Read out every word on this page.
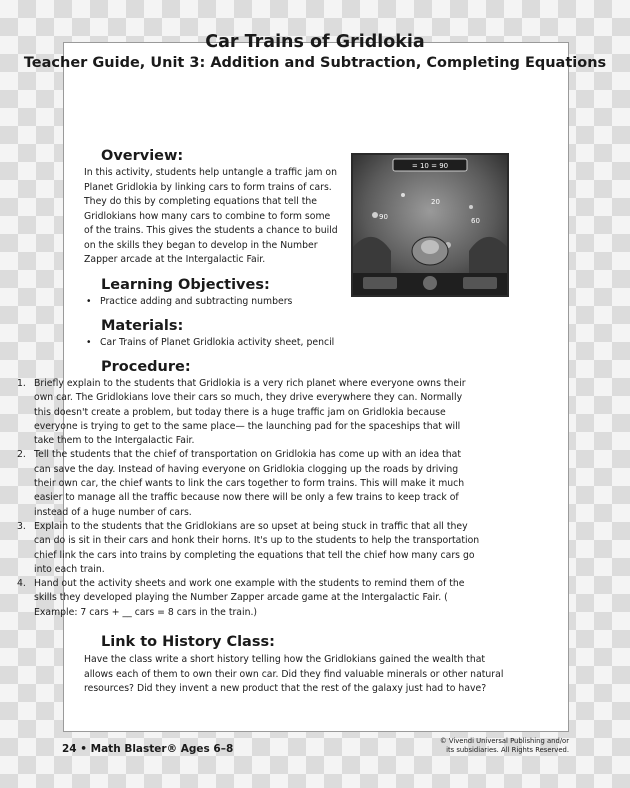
Car Trains of Gridlokia
Teacher Guide, Unit 3: Addition and Subtraction, Completing Equations
Overview:

In this activity, students help untangle a traffic jam on Planet Gridlokia by linking cars to form trains of cars. They do this by completing equations that tell the Gridlokians how many cars to combine to form some of the trains. This gives the students a chance to build on the skills they began to develop in the Number Zapper arcade at the Intergalactic Fair.

= 10 = 90
20
90	60
Learning Objectives:
• Practice adding and subtracting numbers
Materials:
• Car Trains of Planet Gridlokia activity sheet, pencil
Procedure:
1. Briefly explain to the students that Gridlokia is a very rich planet where everyone owns their own car. The Gridlokians love their cars so much, they drive everywhere they can. Normally this doesn't create a problem, but today there is a huge traffic jam on Gridlokia because everyone is trying to get to the same place— the launching pad for the spaceships that will take them to the Intergalactic Fair.
2. Tell the students that the chief of transportation on Gridlokia has come up with an idea that can save the day. Instead of having everyone on Gridlokia clogging up the roads by driving their own car, the chief wants to link the cars together to form trains. This will make it much easier to manage all the traffic because now there will be only a few trains to keep track of instead of a huge number of cars.
3. Explain to the students that the Gridlokians are so upset at being stuck in traffic that all they can do is sit in their cars and honk their horns. It's up to the students to help the transportation chief link the cars into trains by completing the equations that tell the chief how many cars go into each train.
4. Hand out the activity sheets and work one example with the students to remind them of the skills they developed playing the Number Zapper arcade game at the Intergalactic Fair. ( Example: 7 cars + __ cars = 8 cars in the train.)
Link to History Class:

Have the class write a short history telling how the Gridlokians gained the wealth that allows each of them to own their own car. Did they find valuable minerals or other natural resources? Did they invent a new product that the rest of the galaxy just had to have?

24 • Math Blaster® Ages 6–8
© Vivendi Universal Publishing and/or
its subsidiaries. All Rights Reserved.
